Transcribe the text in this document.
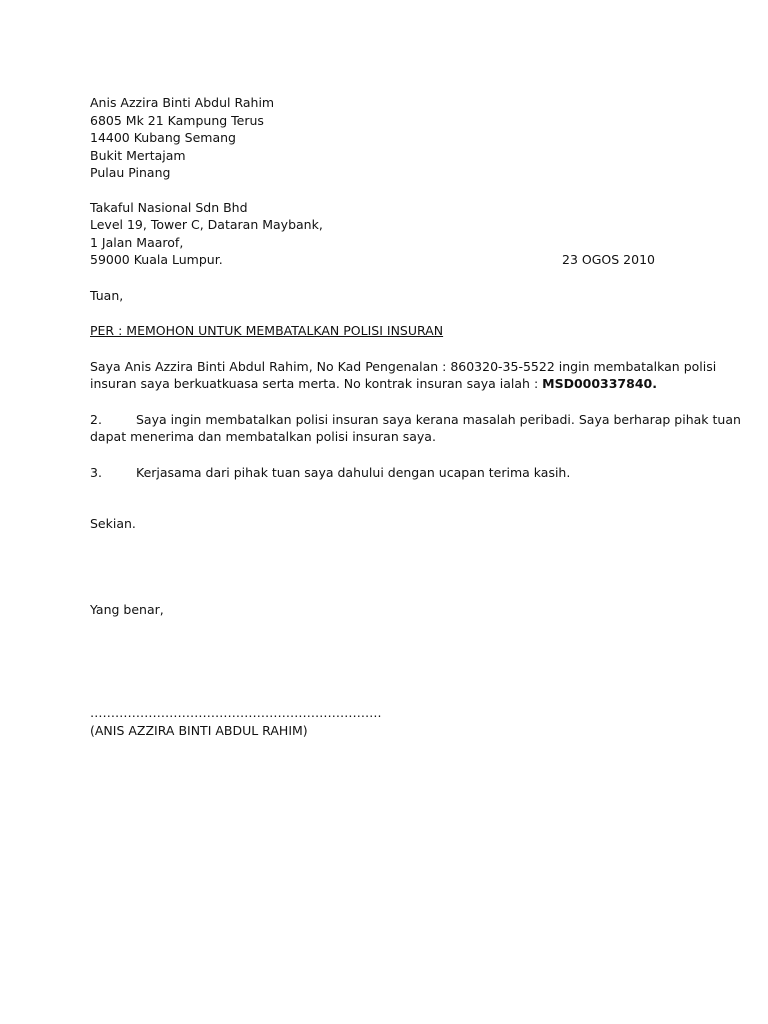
Anis Azzira Binti Abdul Rahim
6805 Mk 21 Kampung Terus
14400 Kubang Semang
Bukit Mertajam
Pulau Pinang
Takaful Nasional Sdn Bhd
Level 19, Tower C, Dataran Maybank,
1 Jalan Maarof,
59000 Kuala Lumpur.	23 OGOS 2010
Tuan,
PER : MEMOHON UNTUK MEMBATALKAN POLISI INSURAN
Saya Anis Azzira Binti Abdul Rahim, No Kad Pengenalan : 860320-35-5522 ingin membatalkan polisi
insuran saya berkuatkuasa serta merta. No kontrak insuran saya ialah : MSD000337840.
2.	Saya ingin membatalkan polisi insuran saya kerana masalah peribadi. Saya berharap pihak tuan
dapat menerima dan membatalkan polisi insuran saya.
3.	Kerjasama dari pihak tuan saya dahului dengan ucapan terima kasih.
Sekian.
Yang benar,
…………………………………………………………….
(ANIS AZZIRA BINTI ABDUL RAHIM)
